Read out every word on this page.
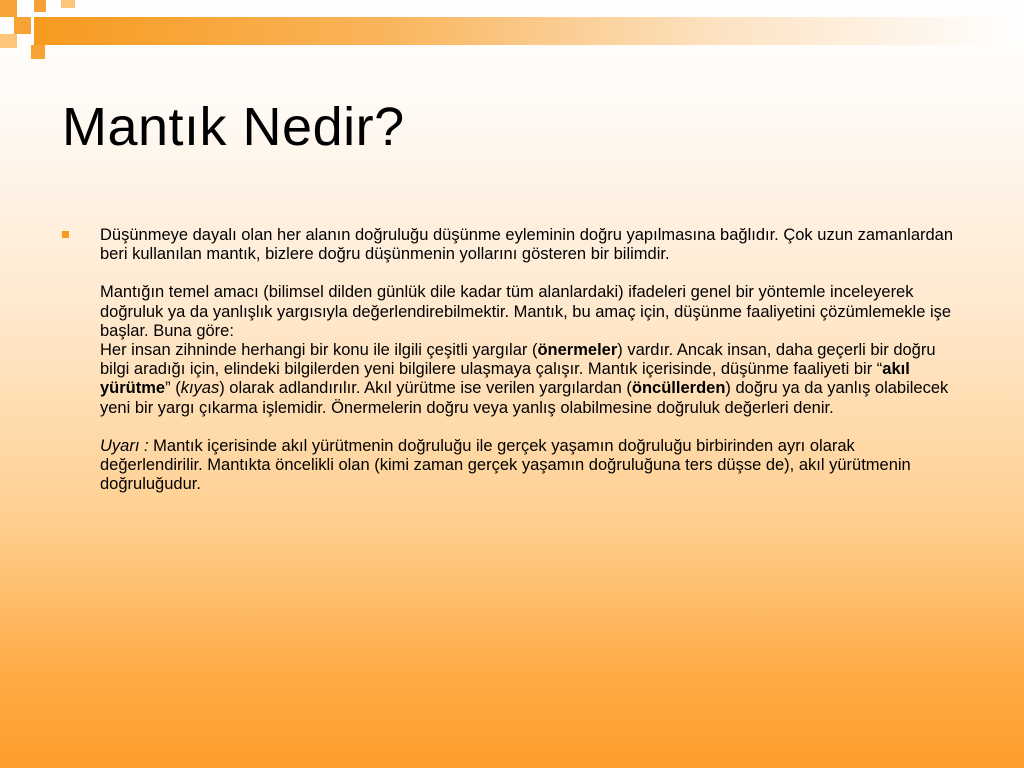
Mantık Nedir?

Düşünmeye dayalı olan her alanın doğruluğu düşünme eyleminin doğru yapılmasına bağlıdır. Çok uzun zamanlardan beri kullanılan mantık, bizlere doğru düşünmenin yollarını gösteren bir bilimdir.

Mantığın temel amacı (bilimsel dilden günlük dile kadar tüm alanlardaki) ifadeleri genel bir yöntemle inceleyerek doğruluk ya da yanlışlık yargısıyla değerlendirebilmektir. Mantık, bu amaç için, düşünme faaliyetini çözümlemekle işe başlar. Buna göre:
Her insan zihninde herhangi bir konu ile ilgili çeşitli yargılar (önermeler) vardır. Ancak insan, daha geçerli bir doğru bilgi aradığı için, elindeki bilgilerden yeni bilgilere ulaşmaya çalışır. Mantık içerisinde, düşünme faaliyeti bir “akıl yürütme” (kıyas) olarak adlandırılır. Akıl yürütme ise verilen yargılardan (öncüllerden) doğru ya da yanlış olabilecek yeni bir yargı çıkarma işlemidir. Önermelerin doğru veya yanlış olabilmesine doğruluk değerleri denir.

Uyarı : Mantık içerisinde akıl yürütmenin doğruluğu ile gerçek yaşamın doğruluğu birbirinden ayrı olarak değerlendirilir. Mantıkta öncelikli olan (kimi zaman gerçek yaşamın doğruluğuna ters düşse de), akıl yürütmenin doğruluğudur.
